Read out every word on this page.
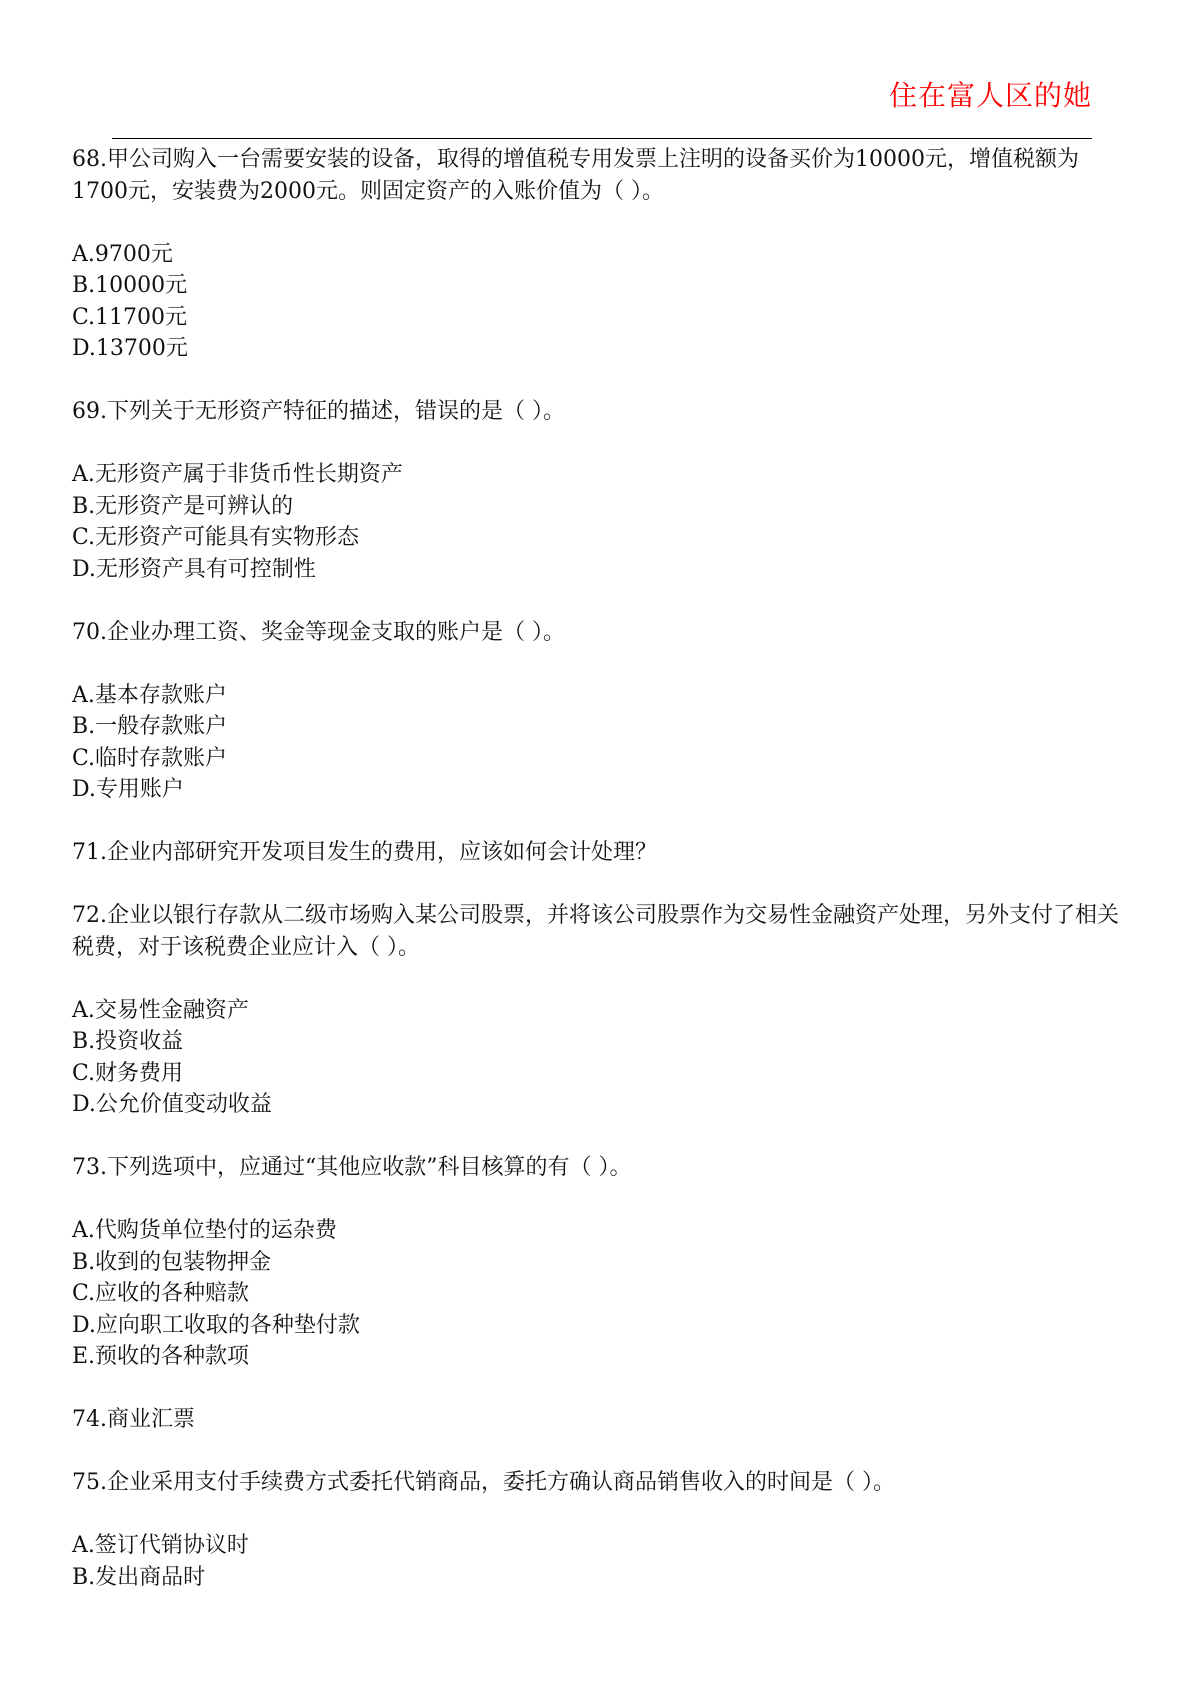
住在富人区的她

68.甲公司购入一台需要安装的设备，取得的增值税专用发票上注明的设备买价为10000元，增值税额为1700元，安装费为2000元。则固定资产的入账价值为（ ）。

A.9700元

B.10000元

C.11700元

D.13700元

69.下列关于无形资产特征的描述，错误的是（ ）。

A.无形资产属于非货币性长期资产

B.无形资产是可辨认的

C.无形资产可能具有实物形态

D.无形资产具有可控制性

70.企业办理工资、奖金等现金支取的账户是（ ）。

A.基本存款账户

B.一般存款账户

C.临时存款账户

D.专用账户

71.企业内部研究开发项目发生的费用，应该如何会计处理？

72.企业以银行存款从二级市场购入某公司股票，并将该公司股票作为交易性金融资产处理，另外支付了相关税费，对于该税费企业应计入（ ）。

A.交易性金融资产

B.投资收益

C.财务费用

D.公允价值变动收益

73.下列选项中，应通过“其他应收款”科目核算的有（ ）。

A.代购货单位垫付的运杂费

B.收到的包装物押金

C.应收的各种赔款

D.应向职工收取的各种垫付款

E.预收的各种款项

74.商业汇票

75.企业采用支付手续费方式委托代销商品，委托方确认商品销售收入的时间是（ ）。

A.签订代销协议时

B.发出商品时
